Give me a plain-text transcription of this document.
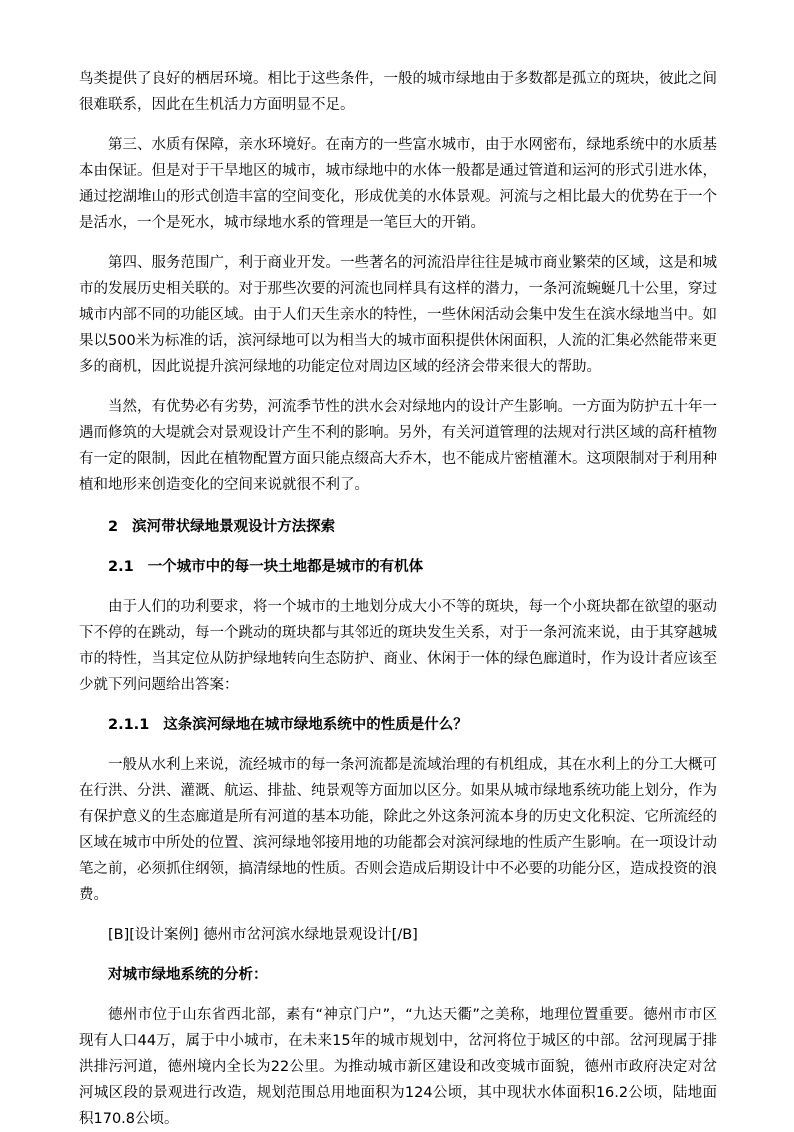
鸟类提供了良好的栖居环境。相比于这些条件，一般的城市绿地由于多数都是孤立的斑块，彼此之间很难联系，因此在生机活力方面明显不足。

第三、水质有保障，亲水环境好。在南方的一些富水城市，由于水网密布，绿地系统中的水质基本由保证。但是对于干旱地区的城市，城市绿地中的水体一般都是通过管道和运河的形式引进水体，通过挖湖堆山的形式创造丰富的空间变化，形成优美的水体景观。河流与之相比最大的优势在于一个是活水，一个是死水，城市绿地水系的管理是一笔巨大的开销。

第四、服务范围广，利于商业开发。一些著名的河流沿岸往往是城市商业繁荣的区域，这是和城市的发展历史相关联的。对于那些次要的河流也同样具有这样的潜力，一条河流蜿蜒几十公里，穿过城市内部不同的功能区域。由于人们天生亲水的特性，一些休闲活动会集中发生在滨水绿地当中。如果以500米为标准的话，滨河绿地可以为相当大的城市面积提供休闲面积，人流的汇集必然能带来更多的商机，因此说提升滨河绿地的功能定位对周边区域的经济会带来很大的帮助。

当然，有优势必有劣势，河流季节性的洪水会对绿地内的设计产生影响。一方面为防护五十年一遇而修筑的大堤就会对景观设计产生不利的影响。另外，有关河道管理的法规对行洪区域的高秆植物有一定的限制，因此在植物配置方面只能点缀高大乔木，也不能成片密植灌木。这项限制对于利用种植和地形来创造变化的空间来说就很不利了。

2 滨河带状绿地景观设计方法探索

2.1 一个城市中的每一块土地都是城市的有机体

由于人们的功利要求，将一个城市的土地划分成大小不等的斑块，每一个小斑块都在欲望的驱动下不停的在跳动，每一个跳动的斑块都与其邻近的斑块发生关系，对于一条河流来说，由于其穿越城市的特性，当其定位从防护绿地转向生态防护、商业、休闲于一体的绿色廊道时，作为设计者应该至少就下列问题给出答案：

2.1.1 这条滨河绿地在城市绿地系统中的性质是什么？

一般从水利上来说，流经城市的每一条河流都是流域治理的有机组成，其在水利上的分工大概可在行洪、分洪、灌溉、航运、排盐、纯景观等方面加以区分。如果从城市绿地系统功能上划分，作为有保护意义的生态廊道是所有河道的基本功能，除此之外这条河流本身的历史文化积淀、它所流经的区域在城市中所处的位置、滨河绿地邻接用地的功能都会对滨河绿地的性质产生影响。在一项设计动笔之前，必须抓住纲领，搞清绿地的性质。否则会造成后期设计中不必要的功能分区，造成投资的浪费。

[B][设计案例] 德州市岔河滨水绿地景观设计[/B]

对城市绿地系统的分析：

德州市位于山东省西北部，素有“神京门户”，“九达天衢”之美称，地理位置重要。德州市市区现有人口44万，属于中小城市，在未来15年的城市规划中，岔河将位于城区的中部。岔河现属于排洪排污河道，德州境内全长为22公里。为推动城市新区建设和改变城市面貌，德州市政府决定对岔河城区段的景观进行改造，规划范围总用地面积为124公顷，其中现状水体面积16.2公顷，陆地面积170.8公顷。
